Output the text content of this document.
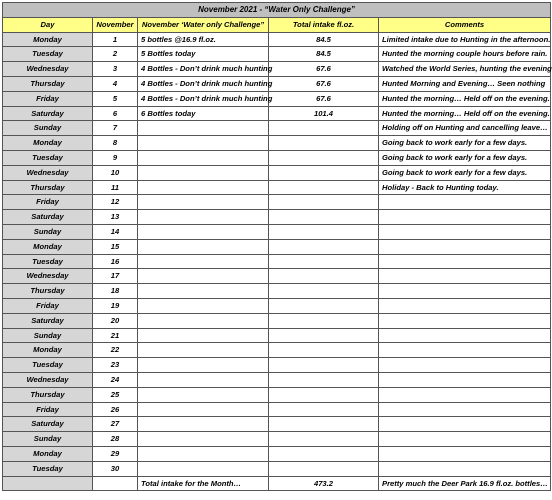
November 2021 - “Water Only Challenge”				
Day	November	November ‘Water only Challenge”	Total intake fl.oz.	Comments
Monday	1	5 bottles @16.9 fl.oz.	84.5	Limited intake due to Hunting in the afternoon.
Tuesday	2	5 Bottles today	84.5	Hunted the morning couple hours before rain.
Wednesday	3	4 Bottles - Don’t drink much hunting	67.6	Watched the World Series, hunting the evening
Thursday	4	4 Bottles - Don’t drink much hunting	67.6	Hunted Morning and Evening… Seen nothing
Friday	5	4 Bottles - Don’t drink much hunting	67.6	Hunted the morning… Held off on the evening.
Saturday	6	6 Bottles today	101.4	Hunted the morning… Held off on the evening.
Sunday	7			Holding off on Hunting and cancelling leave…
Monday	8			Going back to work early for a few days.
Tuesday	9			Going back to work early for a few days.
Wednesday	10			Going back to work early for a few days.
Thursday	11			Holiday - Back to Hunting today.
Friday	12			
Saturday	13			
Sunday	14			
Monday	15			
Tuesday	16			
Wednesday	17			
Thursday	18			
Friday	19			
Saturday	20			
Sunday	21			
Monday	22			
Tuesday	23			
Wednesday	24			
Thursday	25			
Friday	26			
Saturday	27			
Sunday	28			
Monday	29			
Tuesday	30			
		Total intake for the Month…	473.2	Pretty much the Deer Park 16.9 fl.oz. bottles…
